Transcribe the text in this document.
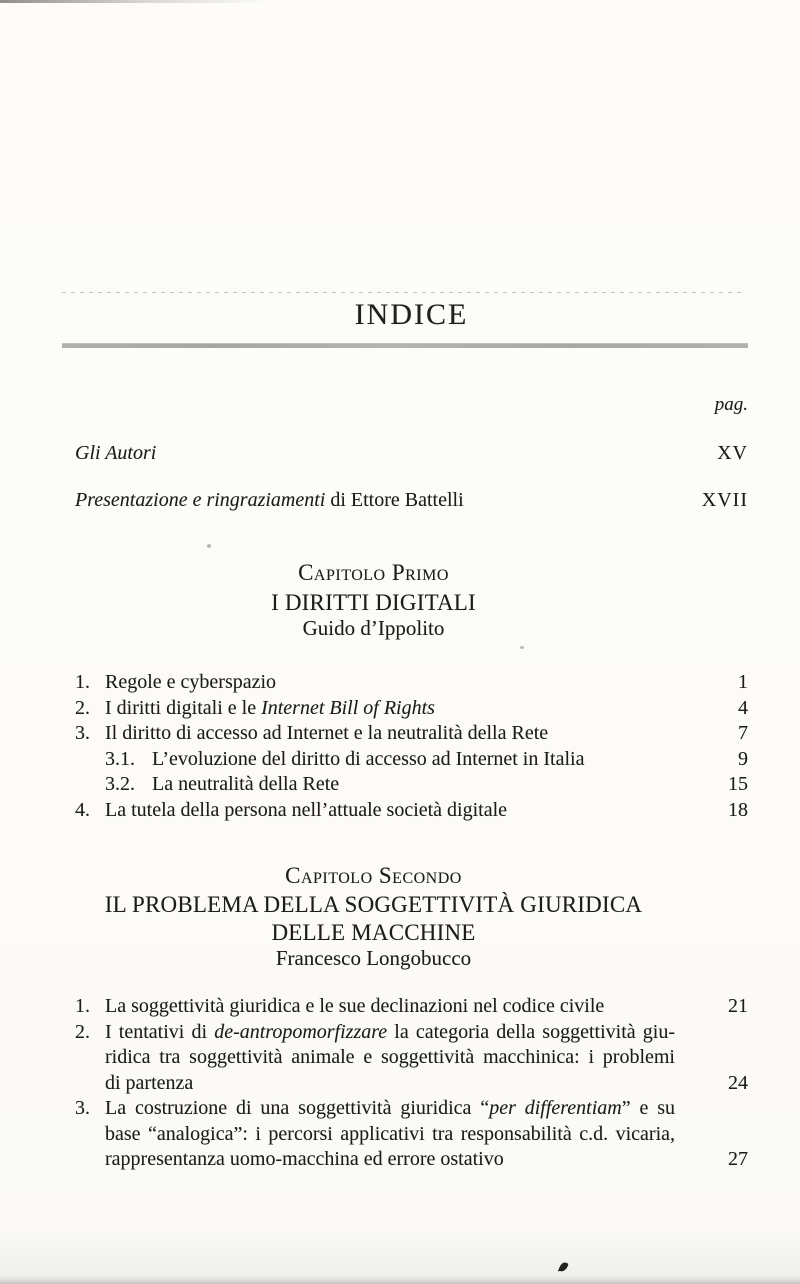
INDICE
pag.
Gli Autori	XV
Presentazione e ringraziamenti di Ettore Battelli	XVII
Capitolo Primo
I DIRITTI DIGITALI
Guido d’Ippolito
1. Regole e cyberspazio	1
2. I diritti digitali e le Internet Bill of Rights	4
3. Il diritto di accesso ad Internet e la neutralità della Rete	7
3.1. L’evoluzione del diritto di accesso ad Internet in Italia	9
3.2. La neutralità della Rete	15
4. La tutela della persona nell’attuale società digitale	18
Capitolo Secondo
IL PROBLEMA DELLA SOGGETTIVITÀ GIURIDICA
DELLE MACCHINE
Francesco Longobucco
1. La soggettività giuridica e le sue declinazioni nel codice civile	21
2. I tentativi di de-antropomorfizzare la categoria della soggettività giu-
ridica tra soggettività animale e soggettività macchinica: i problemi
di partenza	24
3. La costruzione di una soggettività giuridica “per differentiam” e su
base “analogica”: i percorsi applicativi tra responsabilità c.d. vicaria,
rappresentanza uomo-macchina ed errore ostativo	27
